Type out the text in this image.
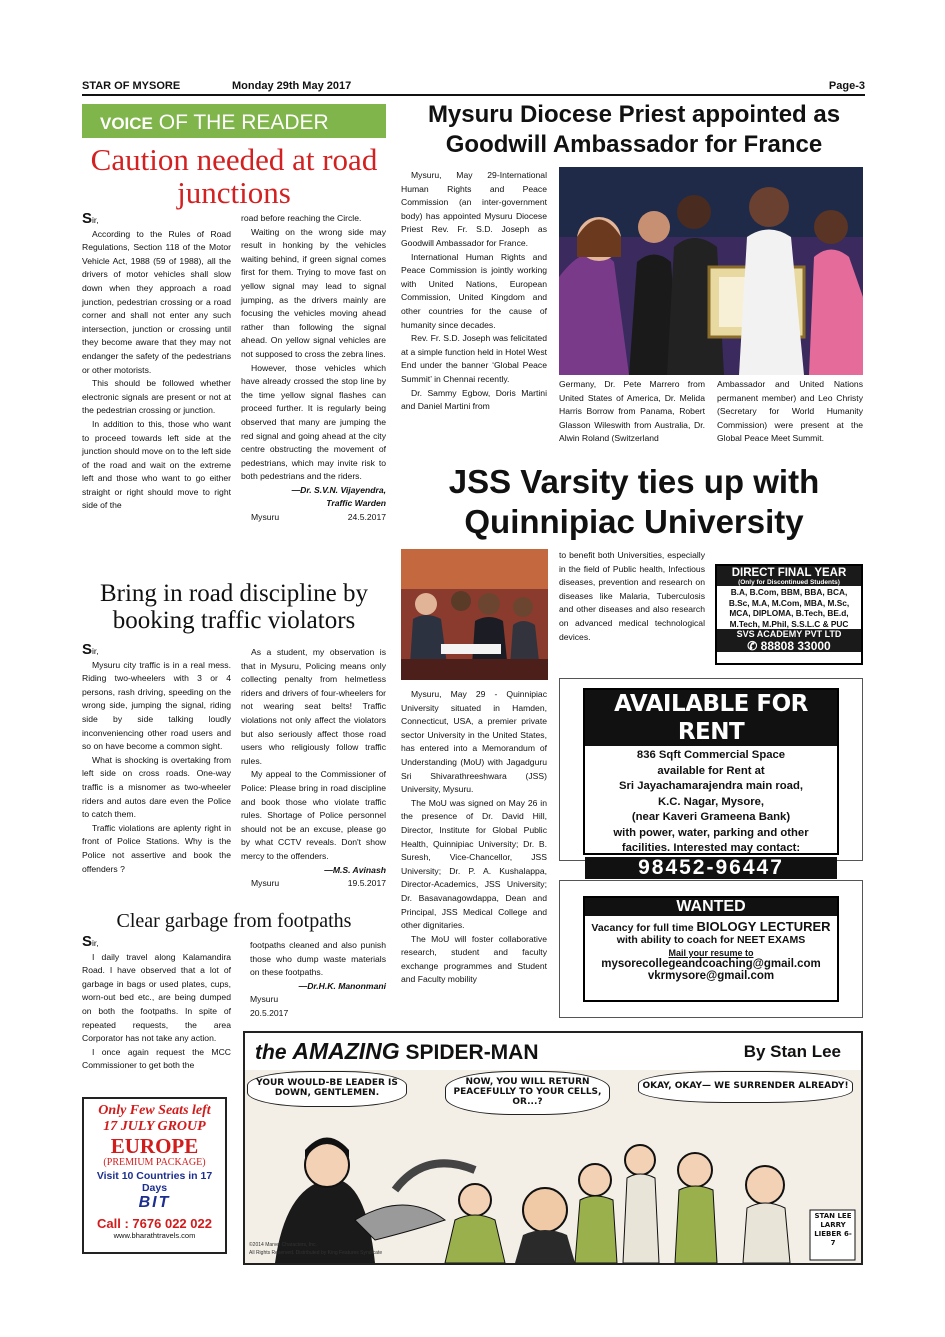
STAR OF MYSORE	Monday 29th May 2017	Page-3
VOICE OF THE READER
Caution needed at road junctions

Sir,

According to the Rules of Road Regulations, Section 118 of the Motor Vehicle Act, 1988 (59 of 1988), all the drivers of motor vehicles shall slow down when they approach a road junction, pedestrian crossing or a road corner and shall not enter any such intersection, junction or crossing until they become aware that they may not endanger the safety of the pedestrians or other motorists.

This should be followed whether electronic signals are present or not at the pedestrian crossing or junction.

In addition to this, those who want to proceed towards left side at the junction should move on to the left side of the road and wait on the extreme left and those who want to go either straight or right should move to right side of the

road before reaching the Circle.

Waiting on the wrong side may result in honking by the vehicles waiting behind, if green signal comes first for them. Trying to move fast on yellow signal may lead to signal jumping, as the drivers mainly are focusing the vehicles moving ahead rather than following the signal ahead. On yellow signal vehicles are not supposed to cross the zebra lines.

However, those vehicles which have already crossed the stop line by the time yellow signal flashes can proceed further. It is regularly being observed that many are jumping the red signal and going ahead at the city centre obstructing the movement of pedestrians, which may invite risk to both pedestrians and the riders.

—Dr. S.V.N. Vijayendra,

Traffic Warden

Mysuru	24.5.2017

Bring in road discipline by booking traffic violators

Sir,

Mysuru city traffic is in a real mess. Riding two-wheelers with 3 or 4 persons, rash driving, speeding on the wrong side, jumping the signal, riding side by side talking loudly inconveniencing other road users and so on have become a common sight.

What is shocking is overtaking from left side on cross roads. One-way traffic is a misnomer as two-wheeler riders and autos dare even the Police to catch them.

Traffic violations are aplenty right in front of Police Stations. Why is the Police not assertive and book the offenders ?

As a student, my observation is that in Mysuru, Policing means only collecting penalty from helmetless riders and drivers of four-wheelers for not wearing seat belts! Traffic violations not only affect the violators but also seriously affect those road users who religiously follow traffic rules.

My appeal to the Commissioner of Police: Please bring in road discipline and book those who violate traffic rules. Shortage of Police personnel should not be an excuse, please go by what CCTV reveals. Don't show mercy to the offenders.

—M.S. Avinash

Mysuru	19.5.2017

Clear garbage from footpaths

Sir,

I daily travel along Kalamandira Road. I have observed that a lot of garbage in bags or used plates, cups, worn-out bed etc., are being dumped on both the footpaths. In spite of repeated requests, the area Corporator has not take any action.

I once again request the MCC Commissioner to get both the

footpaths cleaned and also punish those who dump waste materials on these footpaths.

—Dr.H.K. Manonmani

Mysuru

20.5.2017

Only Few Seats left
17 JULY GROUP
EUROPE
(PREMIUM PACKAGE)
Visit 10 Countries in 17 Days
BIT
Call : 7676 022 022
www.bharathtravels.com
Mysuru Diocese Priest appointed as Goodwill Ambassador for France

Mysuru, May 29-International Human Rights and Peace Commission (an inter-government body) has appointed Mysuru Diocese Priest Rev. Fr. S.D. Joseph as Goodwill Ambassador for France.

International Human Rights and Peace Commission is jointly working with United Nations, European Commission, United Kingdom and other countries for the cause of humanity since decades.

Rev. Fr. S.D. Joseph was felicitated at a simple function held in Hotel West End under the banner ‘Global Peace Summit’ in Chennai recently.

Dr. Sammy Egbow, Doris Martini and Daniel Martini from

Germany, Dr. Pete Marrero from United States of America, Dr. Melida Harris Borrow from Panama, Robert Glasson Wileswith from Australia, Dr. Alwin Roland (Switzerland
Ambassador and United Nations permanent member) and Leo Christy (Secretary for World Humanity Commission) were present at the Global Peace Meet Summit.
JSS Varsity ties up with Quinnipiac University
to benefit both Universities, especially in the field of Public health, Infectious diseases, prevention and research on diseases like Malaria, Tuberculosis and other diseases and also research on advanced medical technological devices.

Mysuru, May 29 - Quinnipiac University situated in Hamden, Connecticut, USA, a premier private sector University in the United States, has entered into a Memorandum of Understanding (MoU) with Jagadguru Sri Shivarathreeshwara (JSS) University, Mysuru.

The MoU was signed on May 26 in the presence of Dr. David Hill, Director, Institute for Global Public Health, Quinnipiac University; Dr. B. Suresh, Vice-Chancellor, JSS University; Dr. P. A. Kushalappa, Director-Academics, JSS University; Dr. Basavanagowdappa, Dean and Principal, JSS Medical College and other dignitaries.

The MoU will foster collaborative research, student and faculty exchange programmes and Student and Faculty mobility

DIRECT FINAL YEAR
(Only for Discontinued Students)
B.A, B.Com, BBM, BBA, BCA,
B.Sc, M.A, M.Com, MBA, M.Sc,
MCA, DIPLOMA, B.Tech, BE.d,
M.Tech, M.Phil, S.S.L.C & PUC
SVS ACADEMY PVT LTD
✆ 88808 33000
AVAILABLE FOR RENT
836 Sqft Commercial Space
available for Rent at
Sri Jayachamarajendra main road,
K.C. Nagar, Mysore,
(near Kaveri Grameena Bank)
with power, water, parking and other
facilities. Interested may contact:
98452-96447
WANTED
Vacancy for full time BIOLOGY LECTURER
with ability to coach for NEET EXAMS
Mail your resume to
mysorecollegeandcoaching@gmail.com
vkrmysore@gmail.com
the AMAZING SPIDER-MAN	By Stan Lee
YOUR WOULD-BE LEADER IS DOWN, GENTLEMEN.
NOW, YOU WILL RETURN PEACEFULLY TO YOUR CELLS, OR...?
OKAY, OKAY— WE SURRENDER ALREADY!
STAN LEE LARRY LIEBER 6-7
©2014 Marvel Characters, Inc.
All Rights Reserved. Distributed by King Features Syndicate
